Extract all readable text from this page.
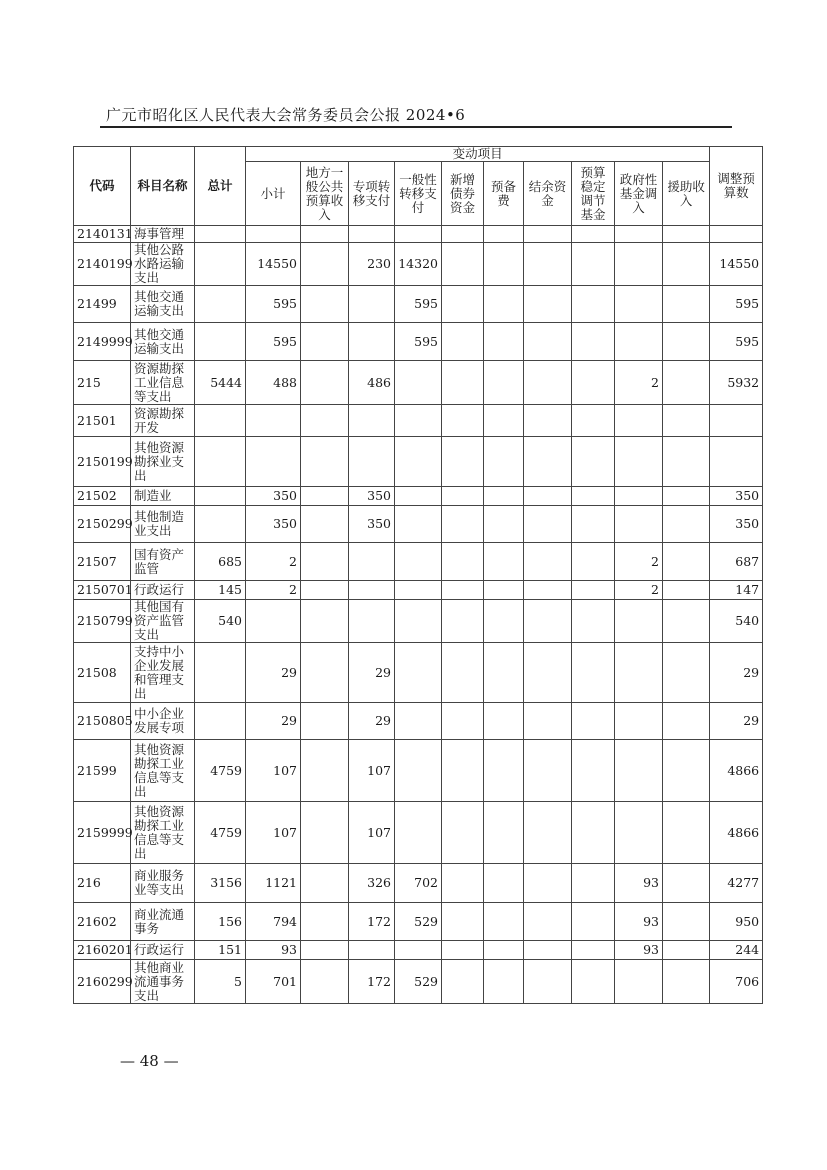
广元市昭化区人民代表大会常务委员会公报 2024•6
代码	科目名称	总计	变动项目										调整预算数
			小计	地方一般公共预算收入	专项转移支付	一般性转移支付	新增债券资金	预备费	结余资金	预算稳定调节基金	政府性基金调入	援助收入	
2140131	海事管理												
2140199	其他公路水路运输支出		14550		230	14320							14550
21499	其他交通运输支出		595			595							595
2149999	其他交通运输支出		595			595							595
215	资源勘探工业信息等支出	5444	488		486						2		5932
21501	资源勘探开发												
2150199	其他资源勘探业支出												
21502	制造业		350		350								350
2150299	其他制造业支出		350		350								350
21507	国有资产监管	685	2								2		687
2150701	行政运行	145	2								2		147
2150799	其他国有资产监管支出	540											540
21508	支持中小企业发展和管理支出		29		29								29
2150805	中小企业发展专项		29		29								29
21599	其他资源勘探工业信息等支出	4759	107		107								4866
2159999	其他资源勘探工业信息等支出	4759	107		107								4866
216	商业服务业等支出	3156	1121		326	702					93		4277
21602	商业流通事务	156	794		172	529					93		950
2160201	行政运行	151	93								93		244
2160299	其他商业流通事务支出	5	701		172	529							706
— 48 —
